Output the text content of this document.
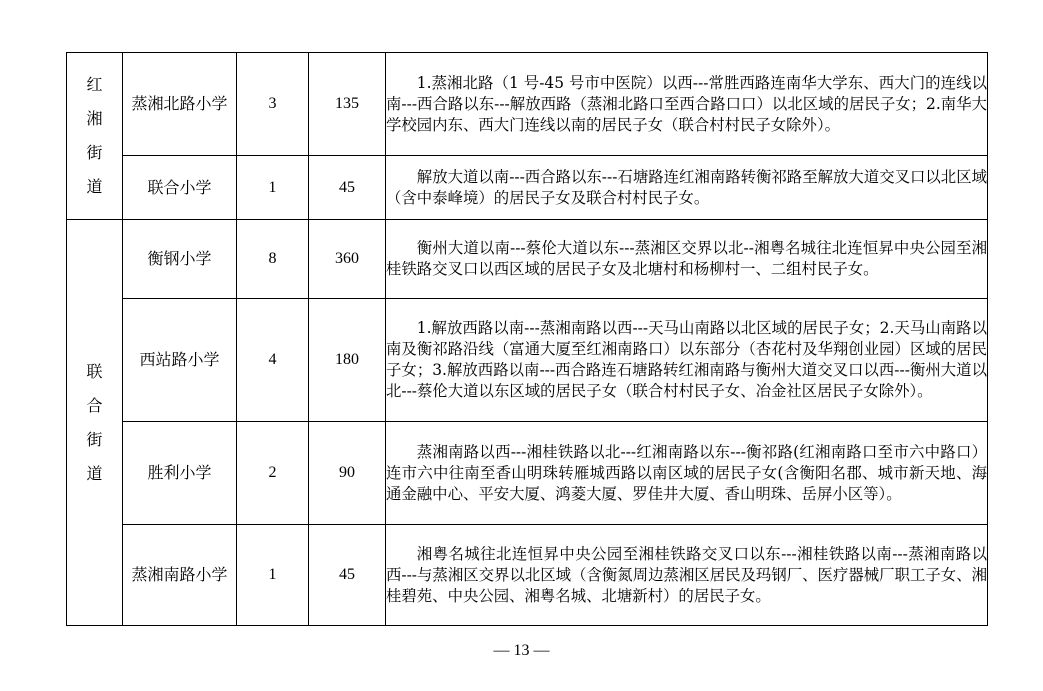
红湘街道	蒸湘北路小学	3	135	1.蒸湘北路（1 号-45 号市中医院）以西---常胜西路连南华大学东、西大门的连线以南---西合路以东---解放西路（蒸湘北路口至西合路口口）以北区域的居民子女；2.南华大学校园内东、西大门连线以南的居民子女（联合村村民子女除外）。

	联合小学	1	45	解放大道以南---西合路以东---石塘路连红湘南路转衡祁路至解放大道交叉口以北区域（含中泰峰境）的居民子女及联合村村民子女。

联合街道	衡钢小学	8	360	衡州大道以南---蔡伦大道以东---蒸湘区交界以北--湘粤名城往北连恒昇中央公园至湘桂铁路交叉口以西区域的居民子女及北塘村和杨柳村一、二组村民子女。

	西站路小学	4	180	1.解放西路以南---蒸湘南路以西---天马山南路以北区域的居民子女；2.天马山南路以南及衡祁路沿线（富通大厦至红湘南路口）以东部分（杏花村及华翔创业园）区域的居民子女；3.解放西路以南---西合路连石塘路转红湘南路与衡州大道交叉口以西---衡州大道以北---蔡伦大道以东区域的居民子女（联合村村民子女、冶金社区居民子女除外）。

	胜利小学	2	90	蒸湘南路以西---湘桂铁路以北---红湘南路以东---衡祁路(红湘南路口至市六中路口）连市六中往南至香山明珠转雁城西路以南区域的居民子女(含衡阳名郡、城市新天地、海通金融中心、平安大厦、鸿菱大厦、罗佳井大厦、香山明珠、岳屏小区等）。

	蒸湘南路小学	1	45	湘粤名城往北连恒昇中央公园至湘桂铁路交叉口以东---湘桂铁路以南---蒸湘南路以西---与蒸湘区交界以北区域（含衡氮周边蒸湘区居民及玛钢厂、医疗器械厂职工子女、湘桂碧苑、中央公园、湘粤名城、北塘新村）的居民子女。
— 13 —
